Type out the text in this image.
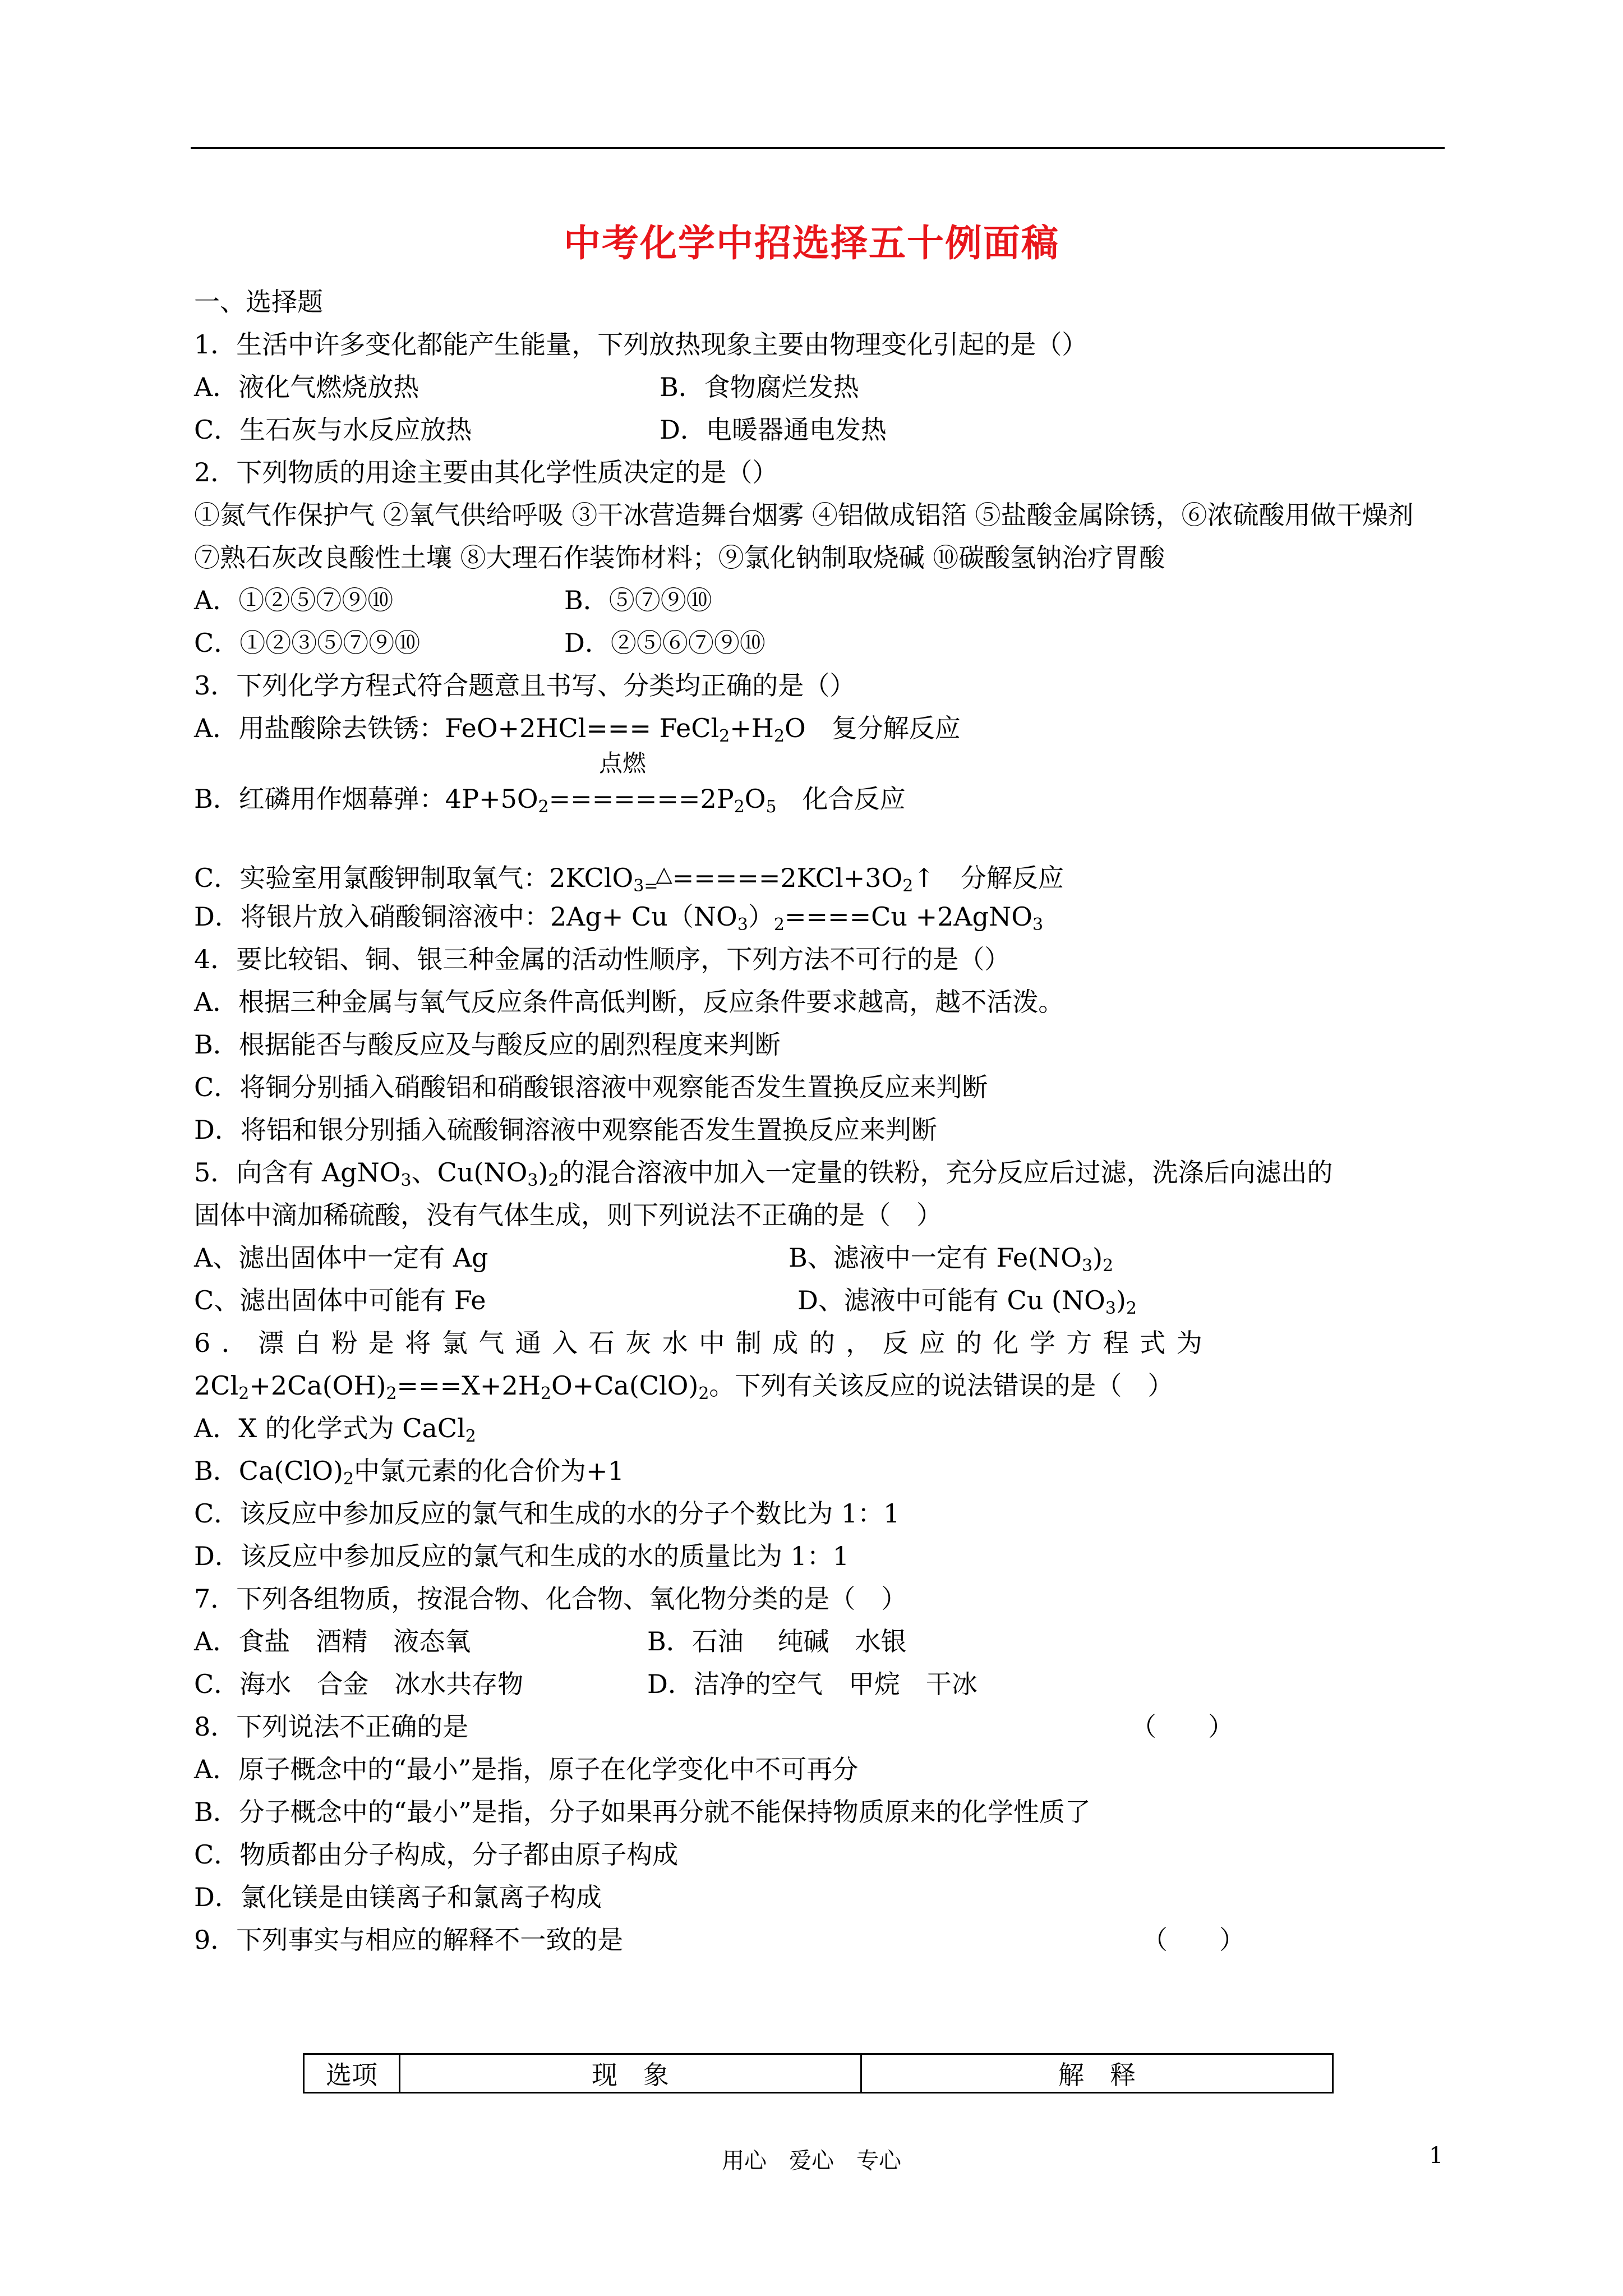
中考化学中招选择五十例面稿
一、选择题
1．生活中许多变化都能产生能量，下列放热现象主要由物理变化引起的是（）
A．液化气燃烧放热	B．食物腐烂发热
C．生石灰与水反应放热	D．电暖器通电发热
2．下列物质的用途主要由其化学性质决定的是（）
①氮气作保护气 ②氧气供给呼吸 ③干冰营造舞台烟雾 ④铝做成铝箔 ⑤盐酸金属除锈，⑥浓硫酸用做干燥剂 ⑦熟石灰改良酸性土壤 ⑧大理石作装饰材料；⑨氯化钠制取烧碱 ⑩碳酸氢钠治疗胃酸
A．①②⑤⑦⑨⑩	B．⑤⑦⑨⑩
C．①②③⑤⑦⑨⑩	D．②⑤⑥⑦⑨⑩
3．下列化学方程式符合题意且书写、分类均正确的是（）
A．用盐酸除去铁锈：$FeO+2HCl=== FeCl_2+H_2O$　复分解反应
点燃
B．红磷用作烟幕弹：$4P+5O_2=======2P_2O_5$　化合反应
C．实验室用氯酸钾制取氧气：$2KClO_{3=}\triangle=====2KCl+3O_2↑$　分解反应
D．将银片放入硝酸铜溶液中：$2Ag+ Cu(NO_3)_2====Cu$ +2AgNO$_3$
4．要比较铝、铜、银三种金属的活动性顺序，下列方法不可行的是（）
A．根据三种金属与氧气反应条件高低判断，反应条件要求越高，越不活泼。
B．根据能否与酸反应及与酸反应的剧烈程度来判断
C．将铜分别插入硝酸铝和硝酸银溶液中观察能否发生置换反应来判断
D．将铝和银分别插入硫酸铜溶液中观察能否发生置换反应来判断
5．向含有 AgNO$_3$、$Cu(NO_3)_2$的混合溶液中加入一定量的铁粉，充分反应后过滤，洗涤后向滤出的
固体中滴加稀硫酸，没有气体生成，则下列说法不正确的是（　）
A、滤出固体中一定有 Ag	B、滤液中一定有 $Fe(NO_3)_2$
C、滤出固体中可能有 Fe	D、滤液中可能有 Cu $(NO_3)_2$
6．漂白粉是将氯气通入石灰水中制成的，反应的化学方程式为
$2Cl_2+2Ca(OH)_2===X+2H_2O+Ca(ClO)_2$。下列有关该反应的说法错误的是（　）
A．X 的化学式为 CaCl$_2$
B．$Ca(ClO)_2$中氯元素的化合价为+1
C．该反应中参加反应的氯气和生成的水的分子个数比为 1：1
D．该反应中参加反应的氯气和生成的水的质量比为 1：1
7．下列各组物质，按混合物、化合物、氧化物分类的是（　）
A．食盐　酒精　液态氧	B．石油　 纯碱　水银
C．海水　合金　冰水共存物	D．洁净的空气　甲烷　干冰
8．下列说法不正确的是	（　　）
A．原子概念中的“最小”是指，原子在化学变化中不可再分
B．分子概念中的“最小”是指，分子如果再分就不能保持物质原来的化学性质了
C．物质都由分子构成，分子都由原子构成
D．氯化镁是由镁离子和氯离子构成
9．下列事实与相应的解释不一致的是	（　　）
选项	现　象	解　释
用心　爱心　专心	1
